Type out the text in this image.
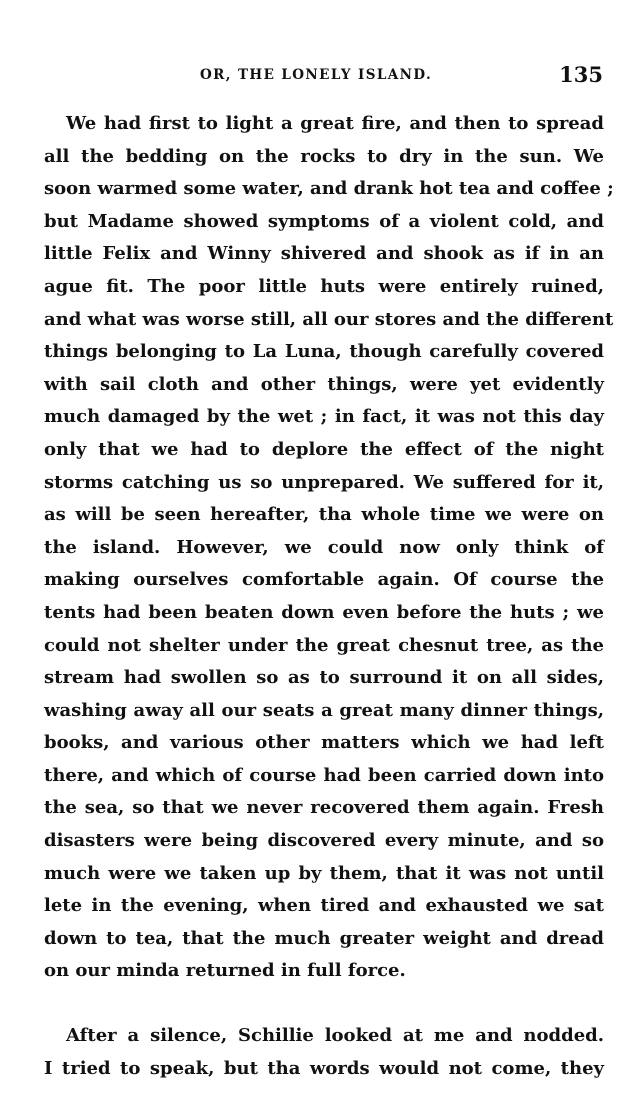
OR, THE LONELY ISLAND.	135
We had first to light a great fire, and then to spread
all the bedding on the rocks to dry in the sun. We
soon warmed some water, and drank hot tea and coffee ;
but Madame showed symptoms of a violent cold, and
little Felix and Winny shivered and shook as if in an
ague fit. The poor little huts were entirely ruined,
and what was worse still, all our stores and the different
things belonging to La Luna, though carefully covered
with sail cloth and other things, were yet evidently
much damaged by the wet ; in fact, it was not this day
only that we had to deplore the effect of the night
storms catching us so unprepared. We suffered for it,
as will be seen hereafter, tha whole time we were on
the island. However, we could now only think of
making ourselves comfortable again. Of course the
tents had been beaten down even before the huts ; we
could not shelter under the great chesnut tree, as the
stream had swollen so as to surround it on all sides,
washing away all our seats a great many dinner things,
books, and various other matters which we had left
there, and which of course had been carried down into
the sea, so that we never recovered them again. Fresh
disasters were being discovered every minute, and so
much were we taken up by them, that it was not until
lete in the evening, when tired and exhausted we sat
down to tea, that the much greater weight and dread
on our minda returned in full force.
After a silence, Schillie looked at me and nodded.
I tried to speak, but tha words would not come, they
